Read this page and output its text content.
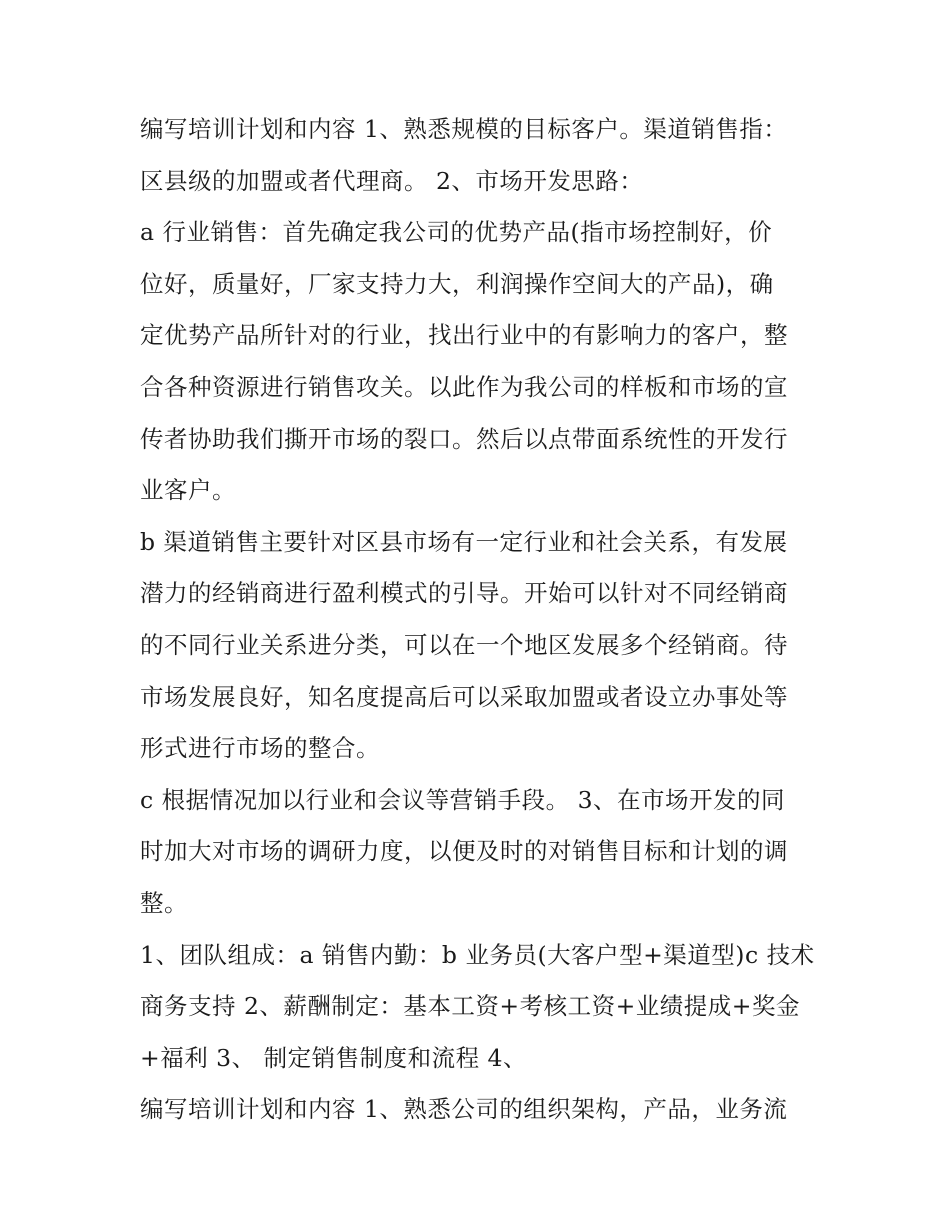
编写培训计划和内容 1、熟悉规模的目标客户。渠道销售指：
区县级的加盟或者代理商。 2、市场开发思路：
a 行业销售：首先确定我公司的优势产品(指市场控制好，价
位好，质量好，厂家支持力大，利润操作空间大的产品)，确
定优势产品所针对的行业，找出行业中的有影响力的客户，整
合各种资源进行销售攻关。以此作为我公司的样板和市场的宣
传者协助我们撕开市场的裂口。然后以点带面系统性的开发行
业客户。
b 渠道销售主要针对区县市场有一定行业和社会关系，有发展
潜力的经销商进行盈利模式的引导。开始可以针对不同经销商
的不同行业关系进分类，可以在一个地区发展多个经销商。待
市场发展良好，知名度提高后可以采取加盟或者设立办事处等
形式进行市场的整合。
c 根据情况加以行业和会议等营销手段。 3、在市场开发的同
时加大对市场的调研力度，以便及时的对销售目标和计划的调
整。
1、团队组成：a 销售内勤：b 业务员(大客户型+渠道型)c 技术
商务支持 2、薪酬制定：基本工资+考核工资+业绩提成+奖金
+福利 3、 制定销售制度和流程 4、
编写培训计划和内容 1、熟悉公司的组织架构，产品，业务流
